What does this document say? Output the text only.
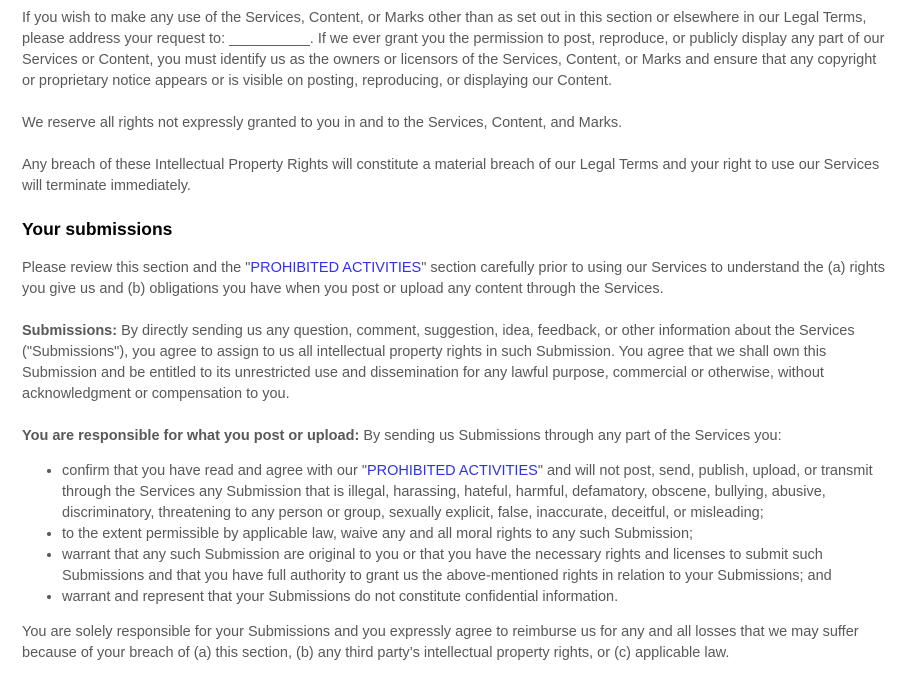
If you wish to make any use of the Services, Content, or Marks other than as set out in this section or elsewhere in our Legal Terms, please address your request to: __________. If we ever grant you the permission to post, reproduce, or publicly display any part of our Services or Content, you must identify us as the owners or licensors of the Services, Content, or Marks and ensure that any copyright or proprietary notice appears or is visible on posting, reproducing, or displaying our Content.

We reserve all rights not expressly granted to you in and to the Services, Content, and Marks.

Any breach of these Intellectual Property Rights will constitute a material breach of our Legal Terms and your right to use our Services will terminate immediately.

Your submissions

Please review this section and the "PROHIBITED ACTIVITIES" section carefully prior to using our Services to understand the (a) rights you give us and (b) obligations you have when you post or upload any content through the Services.

Submissions: By directly sending us any question, comment, suggestion, idea, feedback, or other information about the Services ("Submissions"), you agree to assign to us all intellectual property rights in such Submission. You agree that we shall own this Submission and be entitled to its unrestricted use and dissemination for any lawful purpose, commercial or otherwise, without acknowledgment or compensation to you.

You are responsible for what you post or upload: By sending us Submissions through any part of the Services you:

• confirm that you have read and agree with our "PROHIBITED ACTIVITIES" and will not post, send, publish, upload, or transmit through the Services any Submission that is illegal, harassing, hateful, harmful, defamatory, obscene, bullying, abusive, discriminatory, threatening to any person or group, sexually explicit, false, inaccurate, deceitful, or misleading;
• to the extent permissible by applicable law, waive any and all moral rights to any such Submission;
• warrant that any such Submission are original to you or that you have the necessary rights and licenses to submit such Submissions and that you have full authority to grant us the above-mentioned rights in relation to your Submissions; and
• warrant and represent that your Submissions do not constitute confidential information.

You are solely responsible for your Submissions and you expressly agree to reimburse us for any and all losses that we may suffer because of your breach of (a) this section, (b) any third party’s intellectual property rights, or (c) applicable law.
